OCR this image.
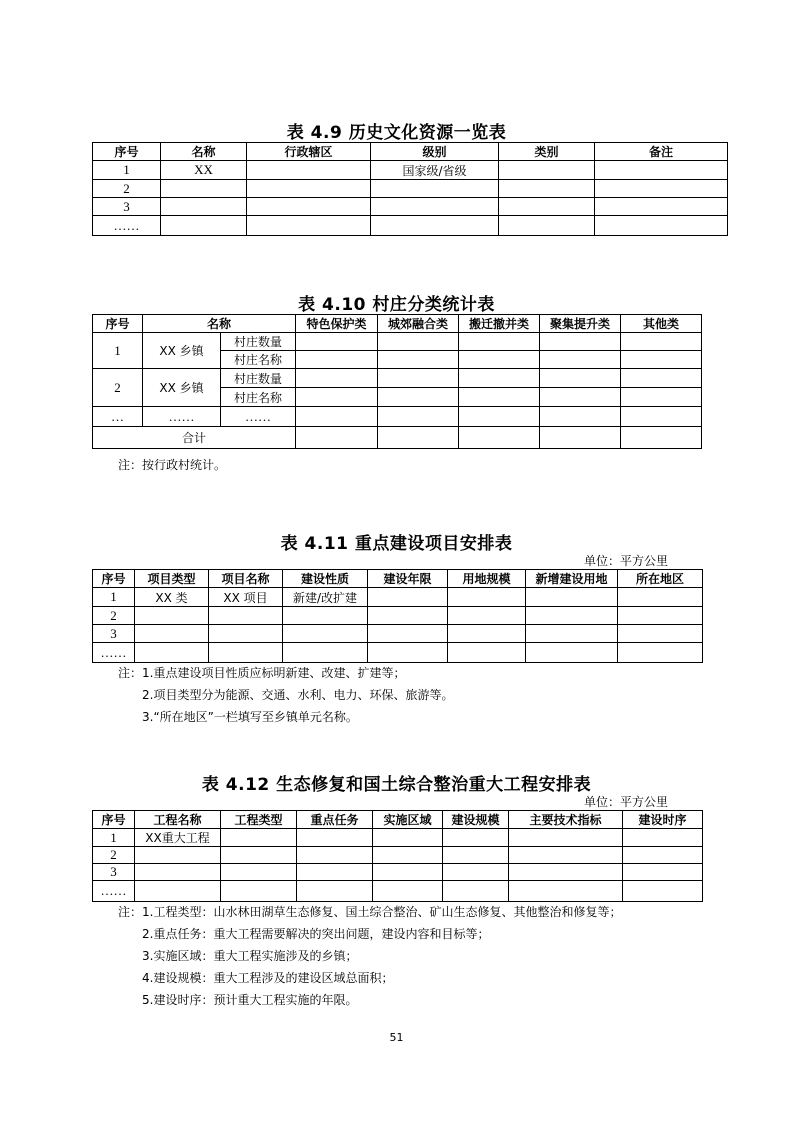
表 4.9 历史文化资源一览表
序号	名称	行政辖区	级别	类别	备注
1	XX		国家级/省级		
2					
3					
……					
表 4.10 村庄分类统计表
序号	名称		特色保护类	城郊融合类	搬迁撤并类	聚集提升类	其他类
1	XX 乡镇	村庄数量					
		村庄名称					
2	XX 乡镇	村庄数量					
		村庄名称					
…	……	……					
合计							
注：按行政村统计。
表 4.11 重点建设项目安排表
单位：平方公里
序号	项目类型	项目名称	建设性质	建设年限	用地规模	新增建设用地	所在地区
1	XX 类	XX 项目	新建/改扩建				
2							
3							
……							
注：1.重点建设项目性质应标明新建、改建、扩建等；
2.项目类型分为能源、交通、水利、电力、环保、旅游等。
3.“所在地区”一栏填写至乡镇单元名称。
表 4.12 生态修复和国土综合整治重大工程安排表
单位：平方公里
序号	工程名称	工程类型	重点任务	实施区域	建设规模	主要技术指标	建设时序
1	XX重大工程						
2							
3							
……							
注：1.工程类型：山水林田湖草生态修复、国土综合整治、矿山生态修复、其他整治和修复等；
2.重点任务：重大工程需要解决的突出问题，建设内容和目标等；
3.实施区域：重大工程实施涉及的乡镇；
4.建设规模：重大工程涉及的建设区域总面积；
5.建设时序：预计重大工程实施的年限。
51
